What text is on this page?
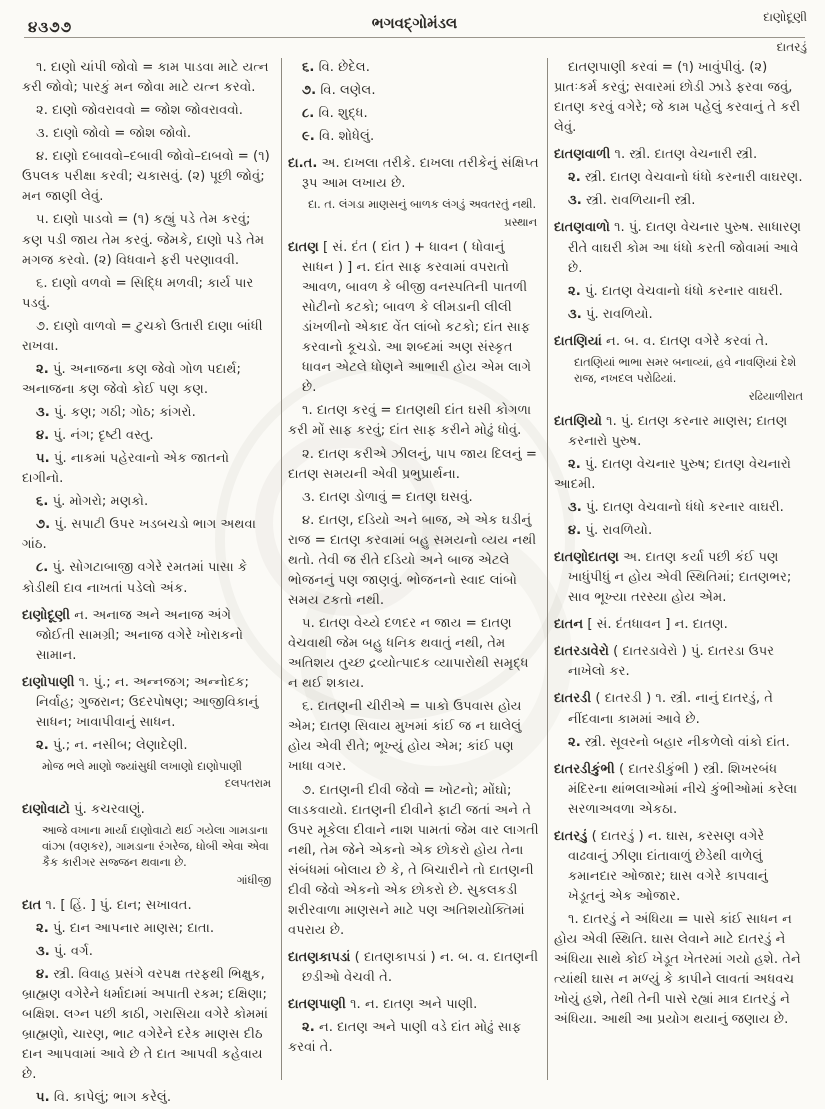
૪૩૭૭	ભગવદ્ગોમંડલ	દાણોદૂણી
દાતરડું
૧. દાણો ચાંપી જોવો = કામ પાડવા માટે યત્ન કરી જોવો; પારકું મન જોવા માટે યત્ન કરવો.
૨. દાણો જોવરાવવો = જોશ જોવરાવવો.
૩. દાણો જોવો = જોશ જોવો.
૪. દાણો દબાવવો–દબાવી જોવો–દાબવો = (૧) ઉપલક પરીક્ષા કરવી; ચકાસવું. (૨) પૂછી જોવું; મન જાણી લેવું.
૫. દાણો પાડવો = (૧) કહ્યું પડે તેમ કરવું; કણ પડી જાય તેમ કરવું. જેમકે, દાણો પડે તેમ મગજ કરવો. (૨) વિધવાને ફરી પરણાવવી.
૬. દાણો વળવો = સિદ્ધિ મળવી; કાર્ય પાર પડવું.
૭. દાણો વાળવો = ટુચકો ઉતારી દાણા બાંધી રાખવા.
૨. પું. અનાજના કણ જેવો ગોળ પદાર્થ; અનાજના કણ જેવો કોઈ પણ કણ.
૩. પું. કણ; ગઠી; ગોઠ; કાંગરો.
૪. પું. નંગ; દૃષ્ટી વસ્તુ.
૫. પું. નાકમાં પહેરવાનો એક જાતનો દાગીનો.
૬. પું. મોગરો; મણકો.
૭. પું. સપાટી ઉપર ખડબચડો ભાગ અથવા ગાંઠ.
૮. પું. સોગટાબાજી વગેરે રમતમાં પાસા કે કોડીથી દાવ નાખતાં પડેલો અંક.
દાણોદૂણી ન. અનાજ અને અનાજ અંગે જોઈતી સામગ્રી; અનાજ વગેરે ખોરાકનો સામાન.
દાણોપાણી ૧. પું.; ન. અન્નજગ; અન્નોદક; નિર્વાહ; ગુજરાન; ઉદરપોષણ; આજીવિકાનું સાધન; ખાવાપીવાનું સાધન.
૨. પું.; ન. નસીબ; લેણાદેણી.
મોજ ભલે માણો જ્યાંસુધી લખાણો દાણોપાણી
દલપતરામ
દાણોવાટો પું. કચરવાણું.
આજે વખાના માર્યા દાણોવાટો થઈ ગયેલા ગામડાના વાંઝા (વણકર), ગામડાના રંગરેજ, ધોબી એવા એવા કૈક કારીગર સજ્જન થવાના છે.
ગાંધીજી
દાત ૧. [ હિં. ] પું. દાન; સખાવત.
૨. પું. દાન આપનાર માણસ; દાતા.
૩. પું. વર્ગ.
૪. સ્ત્રી. વિવાહ પ્રસંગે વરપક્ષ તરફથી ભિક્ષુક, બ્રાહ્મણ વગેરેને ધર્માદામાં અપાતી રકમ; દક્ષિણા; બક્ષિશ. લગ્ન પછી કાઠી, ગરાસિયા વગેરે કોમમાં બ્રાહ્મણો, ચારણ, ભાટ વગેરેને દરેક માણસ દીઠ દાન આપવામાં આવે છે તે દાત આપવી કહેવાય છે.
૫. વિ. કાપેલું; ભાગ કરેલું.
૬. વિ. છેદેલ.
૭. વિ. લણેલ.
૮. વિ. શુદ્ધ.
૯. વિ. શોધેલું.
દા.ત. અ. દાખલા તરીકે. દાખલા તરીકેનું સંક્ષિપ્ત રૂપ આમ લખાય છે.
દા. ત. લંગડા માણસનું બાળક લંગડું અવતરતું નથી.
પ્રસ્થાન
દાતણ [ સં. દંત ( દાંત ) + ધાવન ( ધોવાનું સાધન ) ] ન. દાંત સાફ કરવામાં વપરાતો આવળ, બાવળ કે બીજી વનસ્પતિની પાતળી સોટીનો કટકો; બાવળ કે લીમડાની લીલી ડાંખળીનો એકાદ વેંત લાંબો કટકો; દાંત સાફ કરવાનો કૂચડો. આ શબ્દમાં અણ સંસ્કૃત ધાવન એટલે ધોણને આભારી હોય એમ લાગે છે.
૧. દાતણ કરવું = દાતણથી દાંત ઘસી કોગળા કરી મોં સાફ કરવું; દાંત સાફ કરીને મોઢું ધોવું.
૨. દાતણ કરીએ ઝીલનું, પાપ જાય દિલનું = દાતણ સમયની એવી પ્રભુપ્રાર્થના.
૩. દાતણ ડોળાવું = દાતણ ઘસવું.
૪. દાતણ, દડિયો અને બાજ, એ એક ઘડીનું રાજ = દાતણ કરવામાં બહુ સમયનો વ્યય નથી થતો. તેવી જ રીતે દડિયો અને બાજ એટલે ભોજનનું પણ જાણવું. ભોજનનો સ્વાદ લાંબો સમય ટકતો નથી.
૫. દાતણ વેચ્યે દળદર ન જાય = દાતણ વેચવાથી જેમ બહુ ધનિક થવાતું નથી, તેમ અતિશય તુચ્છ દ્રવ્યોત્પાદક વ્યાપારોથી સમૃદ્ધ ન થઈ શકાય.
૬. દાતણની ચીરીએ = પાકો ઉપવાસ હોય એમ; દાતણ સિવાય મુખમાં કાંઈ જ ન ઘાલેલું હોય એવી રીતે; ભૂખ્યું હોય એમ; કાંઈ પણ ખાધા વગર.
૭. દાતણની દીવી જેવો = ખોટનો; મોંઘો; લાડકવાયો. દાતણની દીવીને ફાટી જતાં અને તે ઉપર મૂકેલા દીવાને નાશ પામતાં જેમ વાર લાગતી નથી, તેમ જેને એકનો એક છોકરો હોય તેના સંબંધમાં બોલાય છે કે, તે બિચારીને તો દાતણની દીવી જેવો એકનો એક છોકરો છે. સુકલકડી શરીરવાળા માણસને માટે પણ અતિશયોક્તિમાં વપરાય છે.
દાતણકાપડાં ( દાતણકાપડાં ) ન. બ. વ. દાતણની છડીઓ વેચવી તે.
દાતણપાણી ૧. ન. દાતણ અને પાણી.
૨. ન. દાતણ અને પાણી વડે દાંત મોઢું સાફ કરવાં તે.
દાતણપાણી કરવાં = (૧) ખાવુંપીવું. (૨) પ્રાતઃકર્મ કરવું; સવારમાં છોડી ઝાડે ફરવા જવું, દાતણ કરવું વગેરે; જે કામ પહેલું કરવાનું તે કરી લેવું.
દાતણવાળી ૧. સ્ત્રી. દાતણ વેચનારી સ્ત્રી.
૨. સ્ત્રી. દાતણ વેચવાનો ધંધો કરનારી વાઘરણ.
૩. સ્ત્રી. રાવળિયાની સ્ત્રી.
દાતણવાળો ૧. પું. દાતણ વેચનાર પુરુષ. સાધારણ રીતે વાઘરી કોમ આ ધંધો કરતી જોવામાં આવે છે.
૨. પું. દાતણ વેચવાનો ધંધો કરનાર વાઘરી.
૩. પું. રાવળિયો.
દાતણિયાં ન. બ. વ. દાતણ વગેરે કરવાં તે.
દાતણિયાં ભાભા સમર બનાવ્યાં, હવે નાવણિયાં દેશે રાજ, નખદલ પરોઢિયાં.
રઢિયાળીરાત
દાતણિયો ૧. પું. દાતણ કરનાર માણસ; દાતણ કરનારો પુરુષ.
૨. પું. દાતણ વેચનાર પુરુષ; દાતણ વેચનારો આદમી.
૩. પું. દાતણ વેચવાનો ધંધો કરનાર વાઘરી.
૪. પું. રાવળિયો.
દાતણોદાતણ અ. દાતણ કર્યા પછી કંઈ પણ ખાધુંપીધું ન હોય એવી સ્થિતિમાં; દાતણભર; સાવ ભૂખ્યા તરસ્યા હોય એમ.
દાતન [ સં. દંતધાવન ] ન. દાતણ.
દાતરડાવેરો ( દાતરડાવેરો ) પું. દાતરડા ઉપર નાખેલો કર.
દાતરડી ( દાતરડી ) ૧. સ્ત્રી. નાનું દાતરડું, તે નીંદવાના કામમાં આવે છે.
૨. સ્ત્રી. સૂવરનો બહાર નીકળેલો વાંકો દાંત.
દાતરડીકુંભી ( દાતરડીકુંભી ) સ્ત્રી. શિખરબંધ મંદિરના થાંભલાઓમાં નીચે કુંભીઓમાં કરેલા સરળાઅવળા એકઠા.
દાતરડું ( દાતરડું ) ન. ઘાસ, કરસણ વગેરે વાઢવાનું ઝીણા દાંતાવાળું છેડેથી વાળેલું કમાનદાર ઓજાર; ઘાસ વગેરે કાપવાનું ખેડૂતનું એક ઓજાર.
૧. દાતરડું ને અંધિયા = પાસે કાંઈ સાધન ન હોય એવી સ્થિતિ. ઘાસ લેવાને માટે દાતરડું ને અંધિયા સાથે કોઈ ખેડૂત ખેતરમાં ગયો હશે. તેને ત્યાંથી ઘાસ ન મળ્યું કે કાપીને લાવતાં અધવચ ખોયું હશે, તેથી તેની પાસે રહ્યાં માત્ર દાતરડું ને અંધિયા. આથી આ પ્રયોગ થયાનું જણાય છે.
